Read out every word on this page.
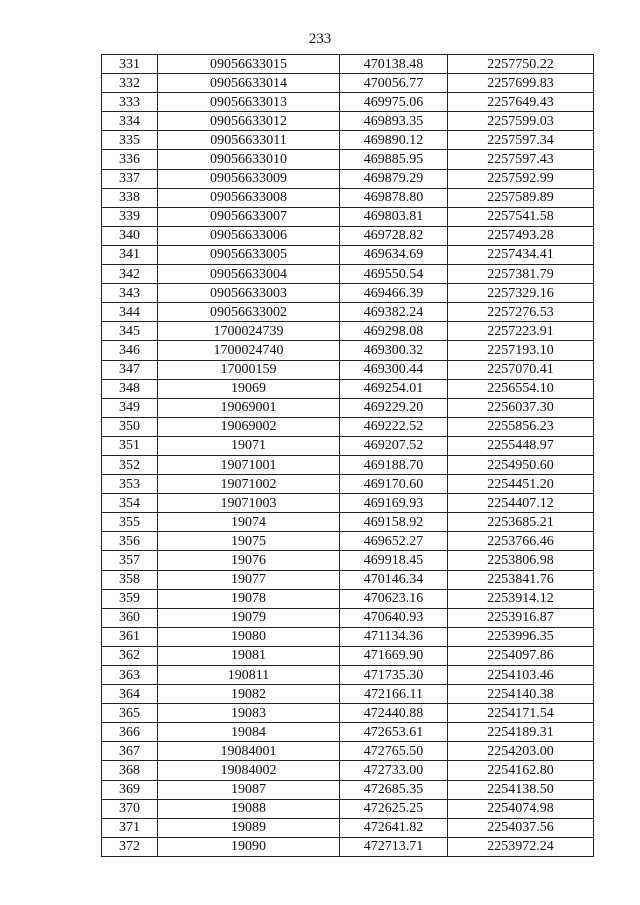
233
331	09056633015	470138.48	2257750.22
332	09056633014	470056.77	2257699.83
333	09056633013	469975.06	2257649.43
334	09056633012	469893.35	2257599.03
335	09056633011	469890.12	2257597.34
336	09056633010	469885.95	2257597.43
337	09056633009	469879.29	2257592.99
338	09056633008	469878.80	2257589.89
339	09056633007	469803.81	2257541.58
340	09056633006	469728.82	2257493.28
341	09056633005	469634.69	2257434.41
342	09056633004	469550.54	2257381.79
343	09056633003	469466.39	2257329.16
344	09056633002	469382.24	2257276.53
345	1700024739	469298.08	2257223.91
346	1700024740	469300.32	2257193.10
347	17000159	469300.44	2257070.41
348	19069	469254.01	2256554.10
349	19069001	469229.20	2256037.30
350	19069002	469222.52	2255856.23
351	19071	469207.52	2255448.97
352	19071001	469188.70	2254950.60
353	19071002	469170.60	2254451.20
354	19071003	469169.93	2254407.12
355	19074	469158.92	2253685.21
356	19075	469652.27	2253766.46
357	19076	469918.45	2253806.98
358	19077	470146.34	2253841.76
359	19078	470623.16	2253914.12
360	19079	470640.93	2253916.87
361	19080	471134.36	2253996.35
362	19081	471669.90	2254097.86
363	190811	471735.30	2254103.46
364	19082	472166.11	2254140.38
365	19083	472440.88	2254171.54
366	19084	472653.61	2254189.31
367	19084001	472765.50	2254203.00
368	19084002	472733.00	2254162.80
369	19087	472685.35	2254138.50
370	19088	472625.25	2254074.98
371	19089	472641.82	2254037.56
372	19090	472713.71	2253972.24
